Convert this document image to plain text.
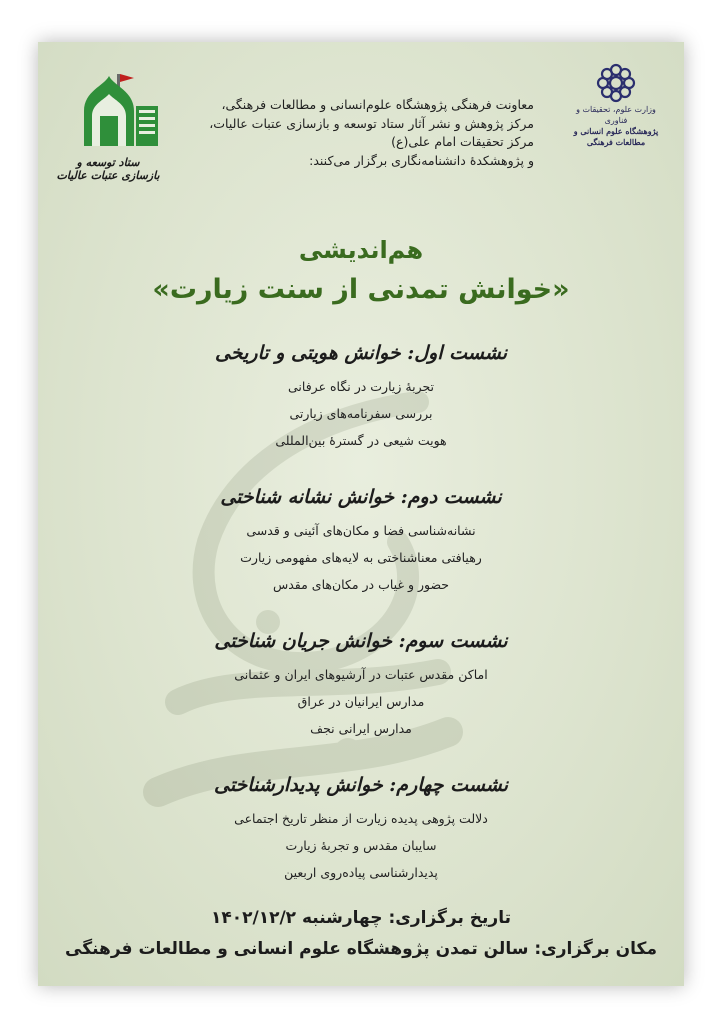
وزارت علوم، تحقیقات و فناوری
پژوهشگاه علوم انسانی و مطالعات فرهنگی
ستاد توسعه و بازسازی عتبات عالیات
معاونت فرهنگی پژوهشگاه علوم‌انسانی و مطالعات فرهنگی،
مرکز پژوهش و نشر آثار ستاد توسعه و بازسازی عتبات عالیات،
مرکز تحقیقات امام علی(ع)
و پژوهشکدۀ دانشنامه‌نگاری برگزار می‌کنند:
هم‌اندیشی
«خوانش تمدنی از سنت زیارت»
نشست اول: خوانش هویتی و تاریخی
تجربۀ زیارت در نگاه عرفانی
بررسی سفرنامه‌های زیارتی
هویت شیعی در گسترۀ بین‌المللی
نشست دوم: خوانش نشانه شناختی
نشانه‌شناسی فضا و مکان‌های آئینی و قدسی
رهیافتی معناشناختی به لایه‌های مفهومی زیارت
حضور و غیاب در مکان‌های مقدس
نشست سوم: خوانش جریان شناختی
اماکن مقدس عتبات در آرشیوهای ایران و عثمانی
مدارس ایرانیان در عراق
مدارس ایرانی نجف
نشست چهارم: خوانش پدیدارشناختی
دلالت پژوهی پدیده زیارت از منظر تاریخ اجتماعی
سایبان مقدس و تجربۀ زیارت
پدیدارشناسی پیاده‌روی اربعین
تاریخ برگزاری: چهارشنبه ۱۴۰۲/۱۲/۲
مکان برگزاری: سالن تمدن پژوهشگاه علوم انسانی و مطالعات فرهنگی
